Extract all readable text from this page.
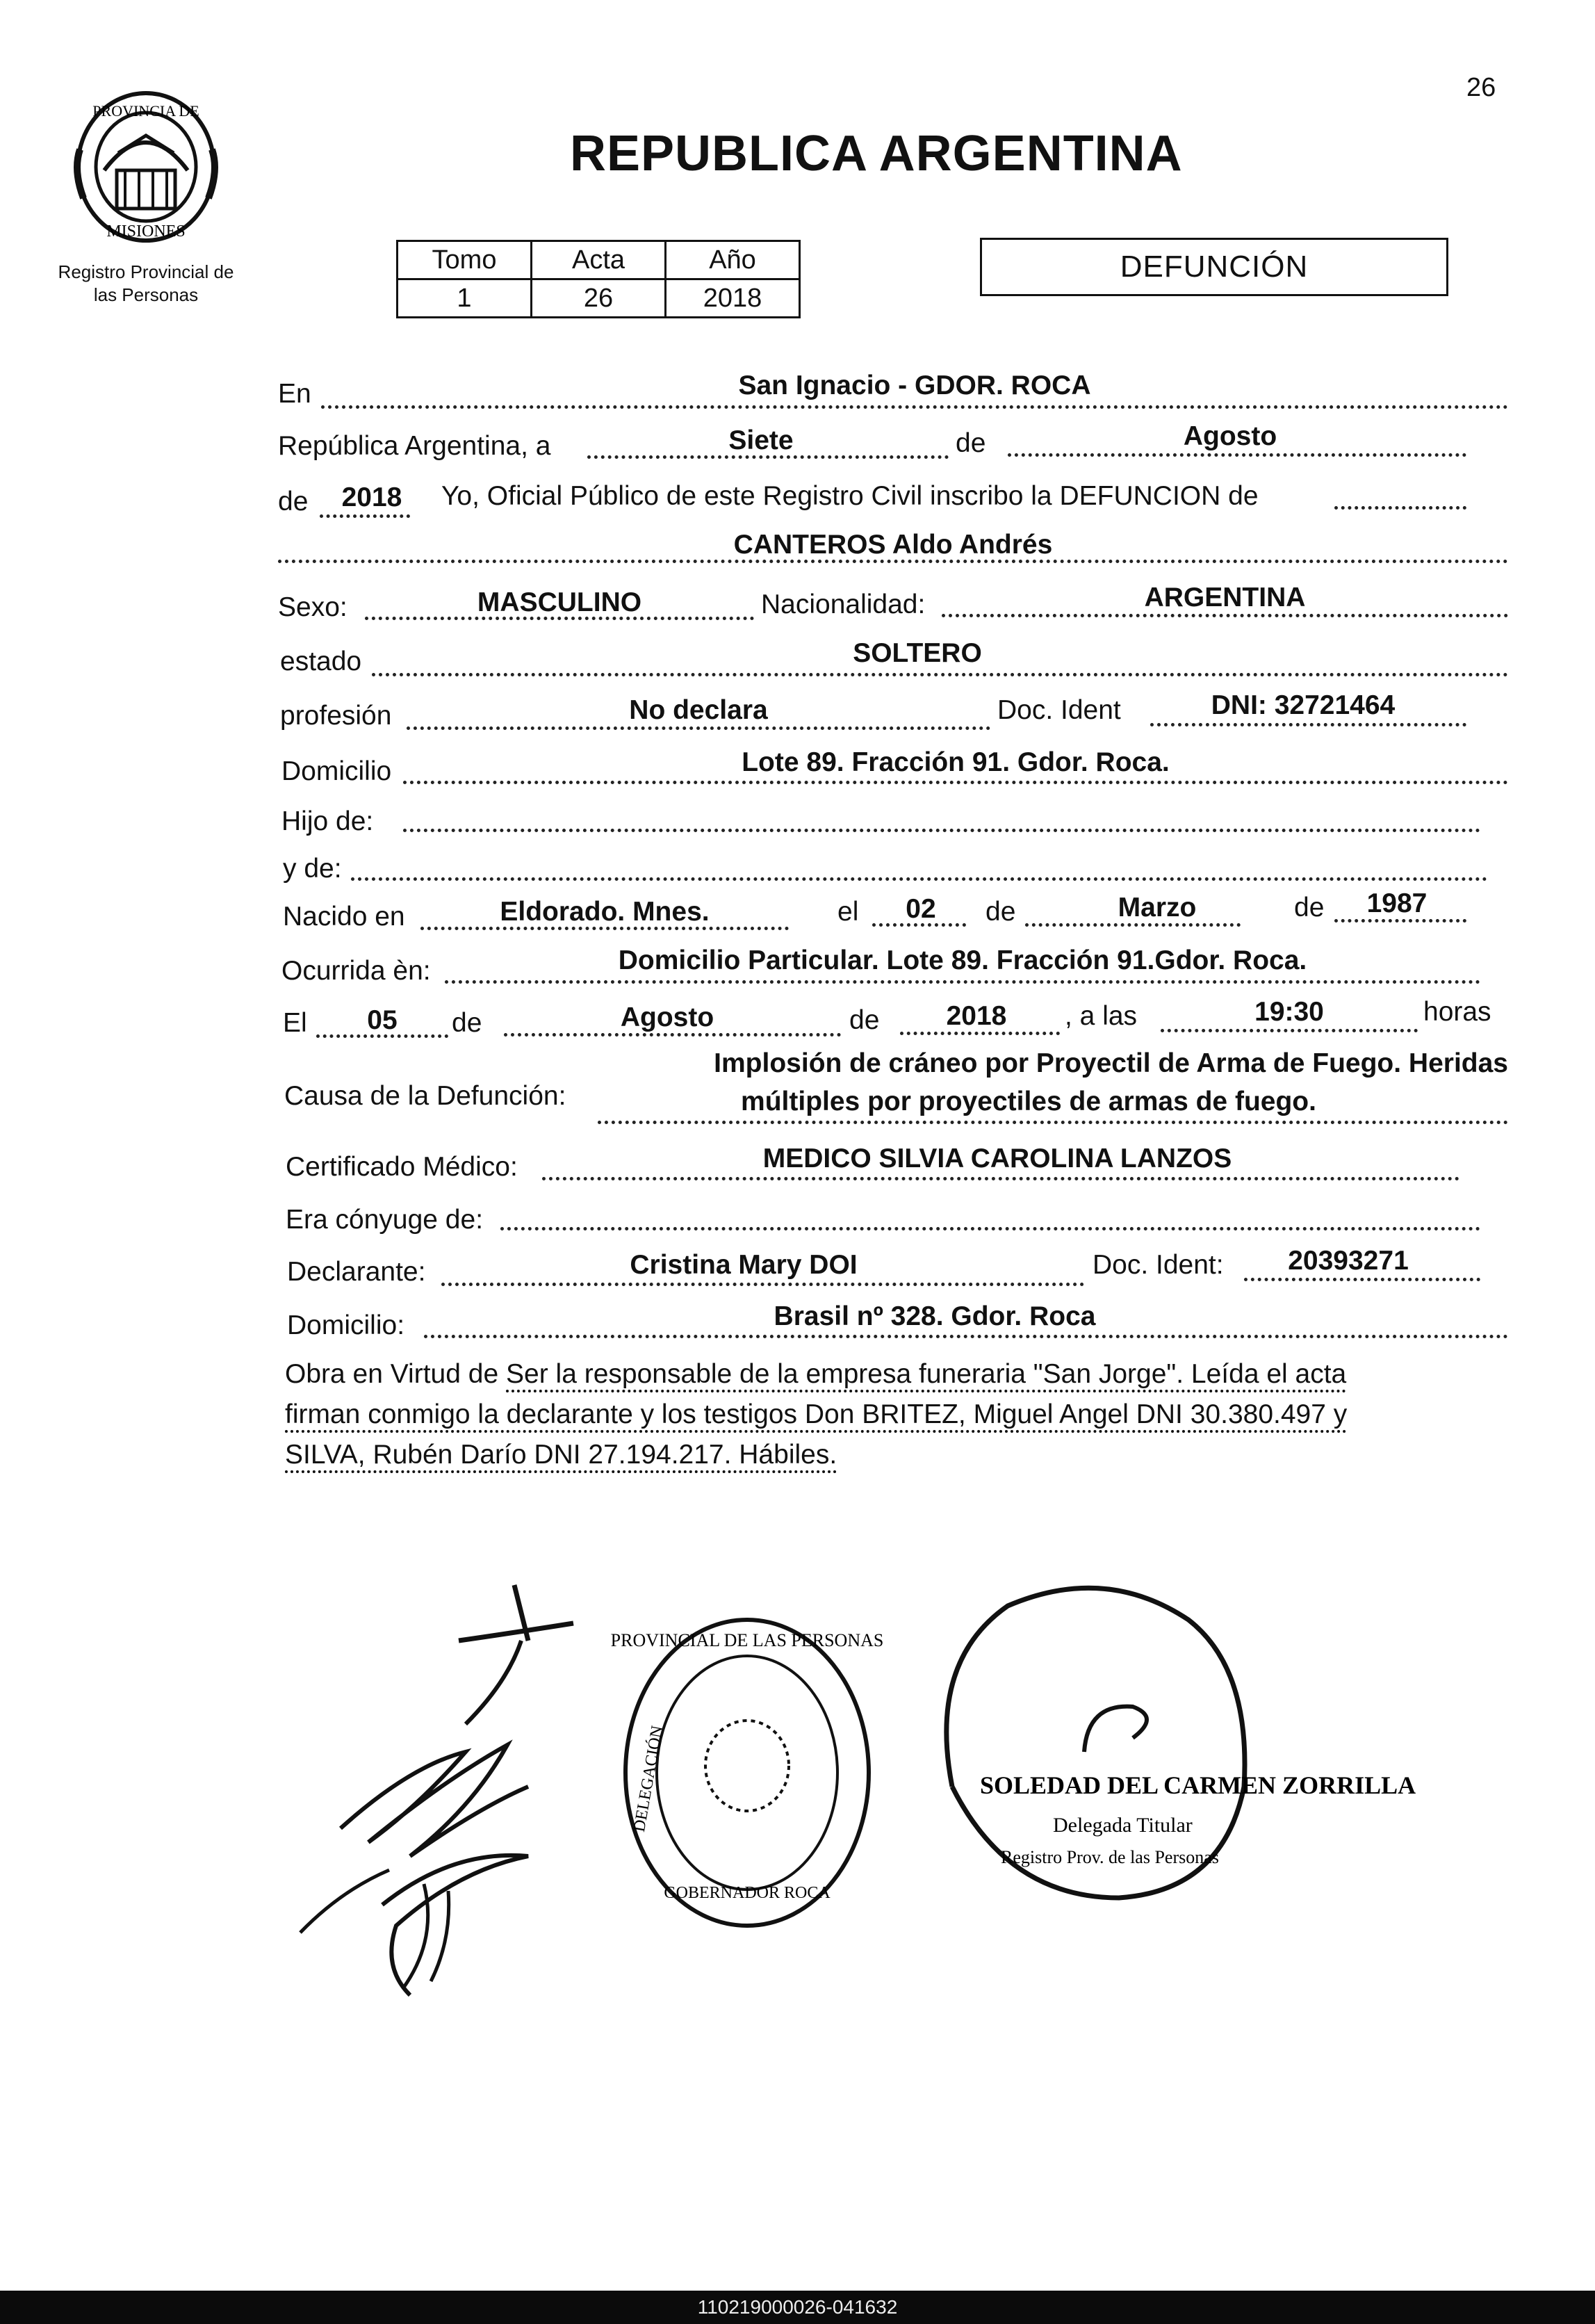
26
PROVINCIA DE
MISIONES
Registro Provincial de
las Personas
REPUBLICA ARGENTINA
Tomo	Acta	Año
1	26	2018
DEFUNCIÓN
En	San Ignacio - GDOR. ROCA
República Argentina, a	Siete	de	Agosto
de	2018	Yo, Oficial Público de este Registro Civil inscribo la DEFUNCION de
CANTEROS Aldo Andrés
Sexo:	MASCULINO	Nacionalidad:	ARGENTINA
estado	SOLTERO
profesión	No declara	Doc. Ident	DNI: 32721464
Domicilio	Lote 89. Fracción 91. Gdor. Roca.
Hijo de:
y de:
Nacido en	Eldorado. Mnes.	el	02	de	Marzo	de	1987
Ocurrida èn:	Domicilio Particular. Lote 89. Fracción 91.Gdor. Roca.
El	05	de	Agosto	de	2018	, a las	19:30	horas
Causa de la Defunción:
Implosión de cráneo por Proyectil de Arma de Fuego. Heridas
múltiples por proyectiles de armas de fuego.
Certificado Médico:	MEDICO SILVIA CAROLINA LANZOS
Era cónyuge de:
Declarante:	Cristina Mary DOI	Doc. Ident:	20393271
Domicilio:	Brasil nº 328. Gdor. Roca
Obra en Virtud de Ser la responsable de la empresa funeraria "San Jorge". Leída el acta
firman conmigo la declarante y los testigos Don BRITEZ, Miguel Angel DNI 30.380.497 y
SILVA, Rubén Darío DNI 27.194.217. Hábiles.
PROVINCIAL DE LAS PERSONAS
DELEGACIÓN
GOBERNADOR ROCA
SOLEDAD DEL CARMEN ZORRILLA
Delegada Titular
Registro Prov. de las Personas
110219000026-041632
